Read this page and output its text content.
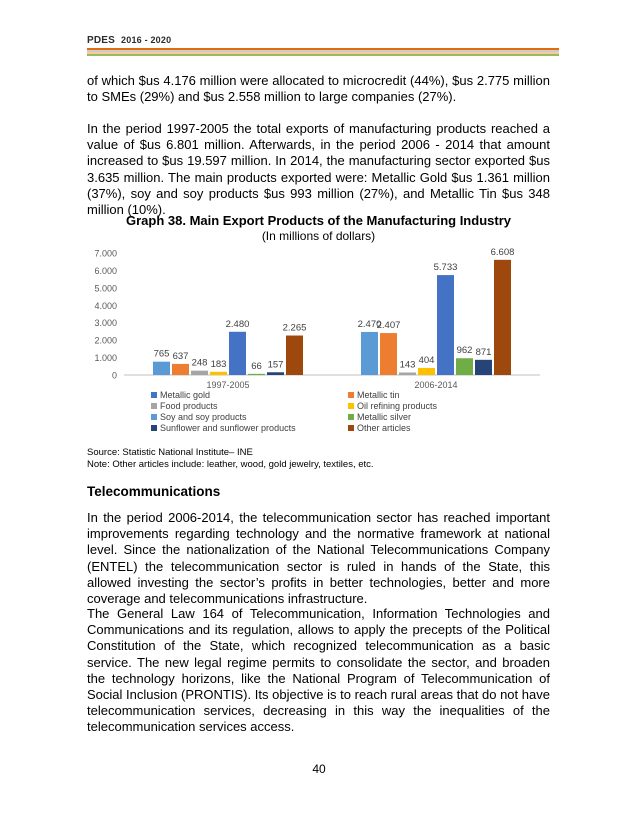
PDES 2016 - 2020

of which $us 4.176 million were allocated to microcredit (44%), $us 2.775 million to SMEs (29%) and $us 2.558 million to large companies (27%).

In the period 1997-2005 the total exports of manufacturing products reached a value of $us 6.801 million. Afterwards, in the period 2006 - 2014 that amount increased to $us 19.597 million. In 2014, the manufacturing sector exported $us 3.635 million. The main products exported were: Metallic Gold $us 1.361 million (37%), soy and soy products $us 993 million (27%), and Metallic Tin $us 348 million (10%).

Graph 38. Main Export Products of the Manufacturing Industry
(In millions of dollars)
0
1.000
2.000
3.000
4.000
5.000
6.000
7.000
1997-2005	2006-2014
765 637
248 183
2.480
66 157
2.265	2.470
2.407
143 404
5.733
962 871
6.608
Metallic gold	Metallic tin
Food products	Oil refining products
Soy and soy products	Metallic silver
Sunflower and sunflower products	Other articles
Source: Statistic National Institute– INE
Note: Other articles include: leather, wood, gold jewelry, textiles, etc.
Telecommunications

In the period 2006-2014, the telecommunication sector has reached important improvements regarding technology and the normative framework at national level. Since the nationalization of the National Telecommunications Company (ENTEL) the telecommunication sector is ruled in hands of the State, this allowed investing the sector’s profits in better technologies, better and more coverage and telecommunications infrastructure.

The General Law 164 of Telecommunication, Information Technologies and Communications and its regulation, allows to apply the precepts of the Political Constitution of the State, which recognized telecommunication as a basic service. The new legal regime permits to consolidate the sector, and broaden the technology horizons, like the National Program of Telecommunication of Social Inclusion (PRONTIS). Its objective is to reach rural areas that do not have telecommunication services, decreasing in this way the inequalities of the telecommunication services access.

40
